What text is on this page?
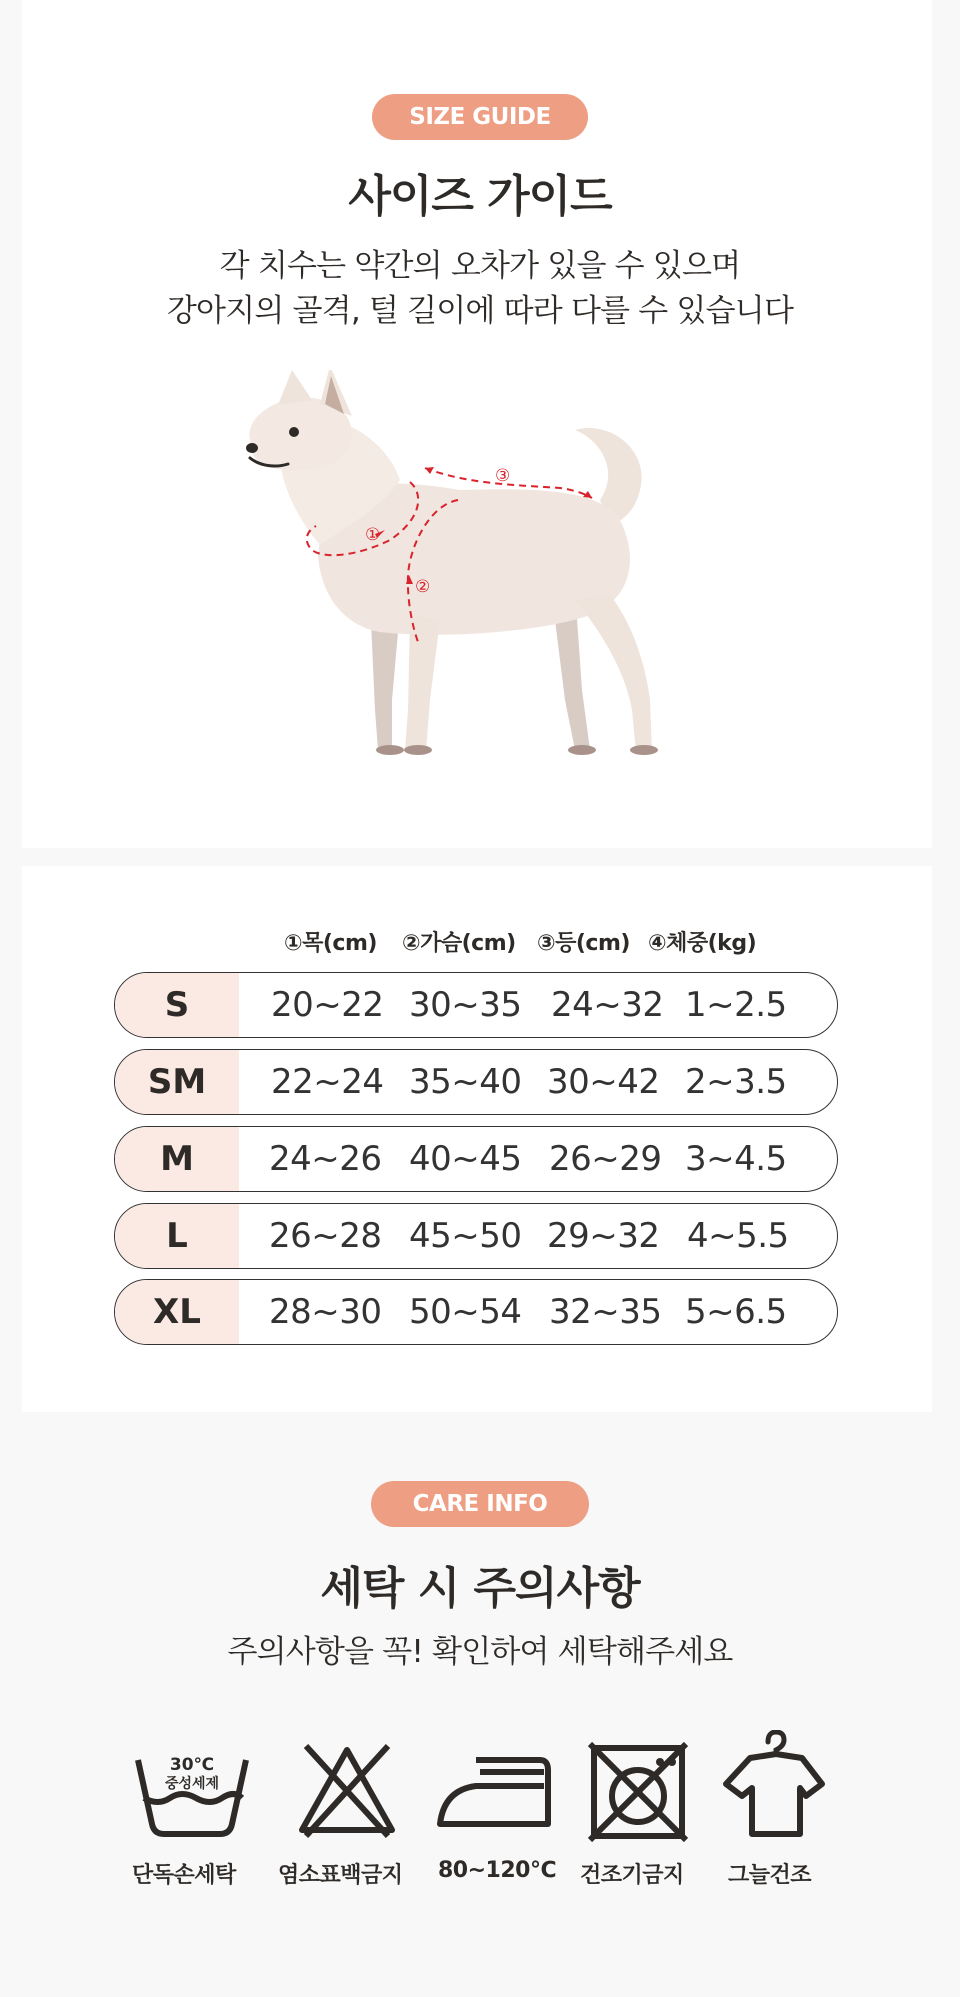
SIZE GUIDE
사이즈 가이드
각 치수는 약간의 오차가 있을 수 있으며
강아지의 골격, 털 길이에 따라 다를 수 있습니다
①
②
③
①목(cm) ②가슴(cm) ③등(cm) ④체중(kg)
S	20~22 30~35 24~32 1~2.5
SM	22~24 35~40 30~42 2~3.5
M	24~26 40~45 26~29 3~4.5
L	26~28 45~50 29~32 4~5.5
XL	28~30 50~54 32~35 5~6.5
CARE INFO
세탁 시 주의사항
주의사항을 꼭! 확인하여 세탁해주세요
30℃
중성세제
단독손세탁 염소표백금지 80~120℃ 건조기금지 그늘건조
